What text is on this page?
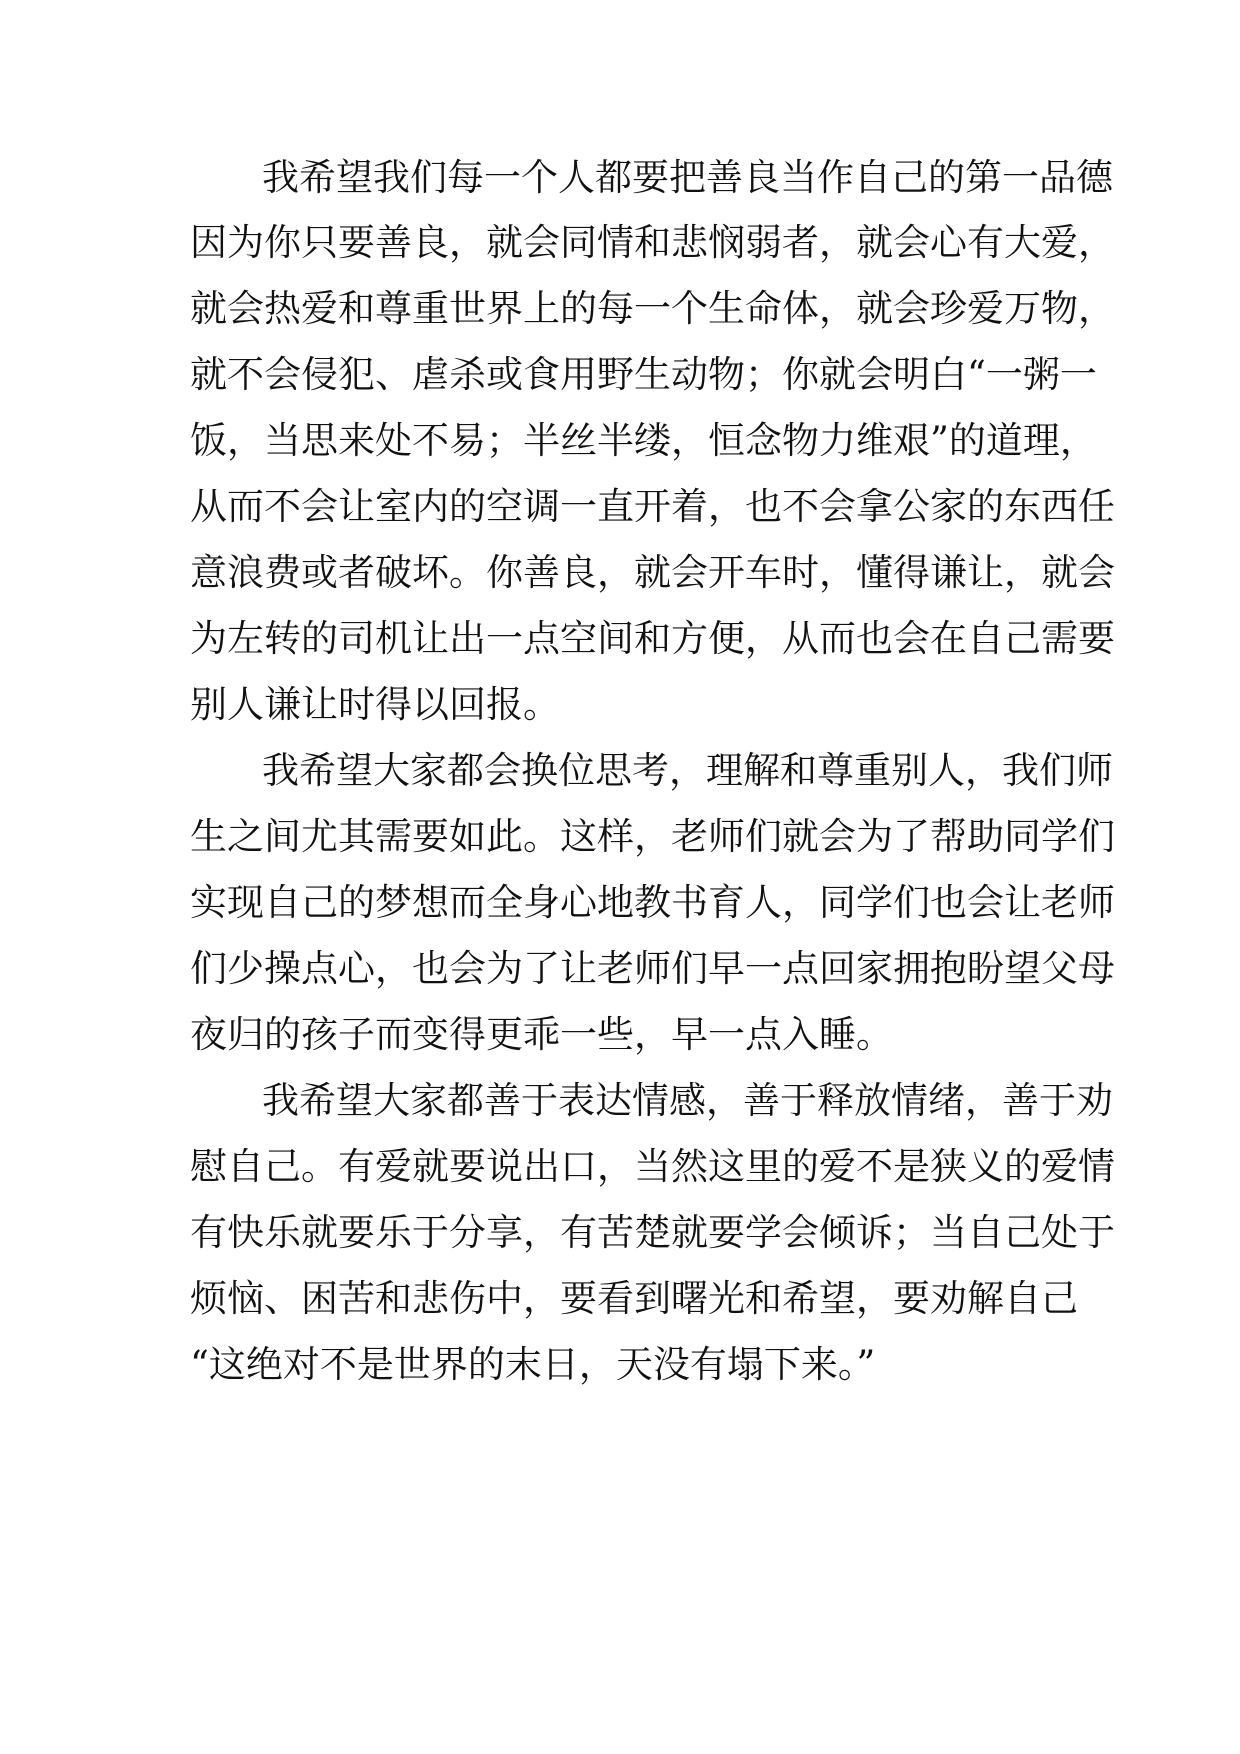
我希望我们每一个人都要把善良当作自己的第一品德

因为你只要善良，就会同情和悲悯弱者，就会心有大爱，

就会热爱和尊重世界上的每一个生命体，就会珍爱万物，

就不会侵犯、虐杀或食用野生动物；你就会明白“一粥一

饭，当思来处不易；半丝半缕，恒念物力维艰”的道理，

从而不会让室内的空调一直开着，也不会拿公家的东西任

意浪费或者破坏。你善良，就会开车时，懂得谦让，就会

为左转的司机让出一点空间和方便，从而也会在自己需要

别人谦让时得以回报。

我希望大家都会换位思考，理解和尊重别人，我们师

生之间尤其需要如此。这样，老师们就会为了帮助同学们

实现自己的梦想而全身心地教书育人，同学们也会让老师

们少操点心，也会为了让老师们早一点回家拥抱盼望父母

夜归的孩子而变得更乖一些，早一点入睡。

我希望大家都善于表达情感，善于释放情绪，善于劝

慰自己。有爱就要说出口，当然这里的爱不是狭义的爱情

有快乐就要乐于分享，有苦楚就要学会倾诉；当自己处于

烦恼、困苦和悲伤中，要看到曙光和希望，要劝解自己

“这绝对不是世界的末日，天没有塌下来。”
